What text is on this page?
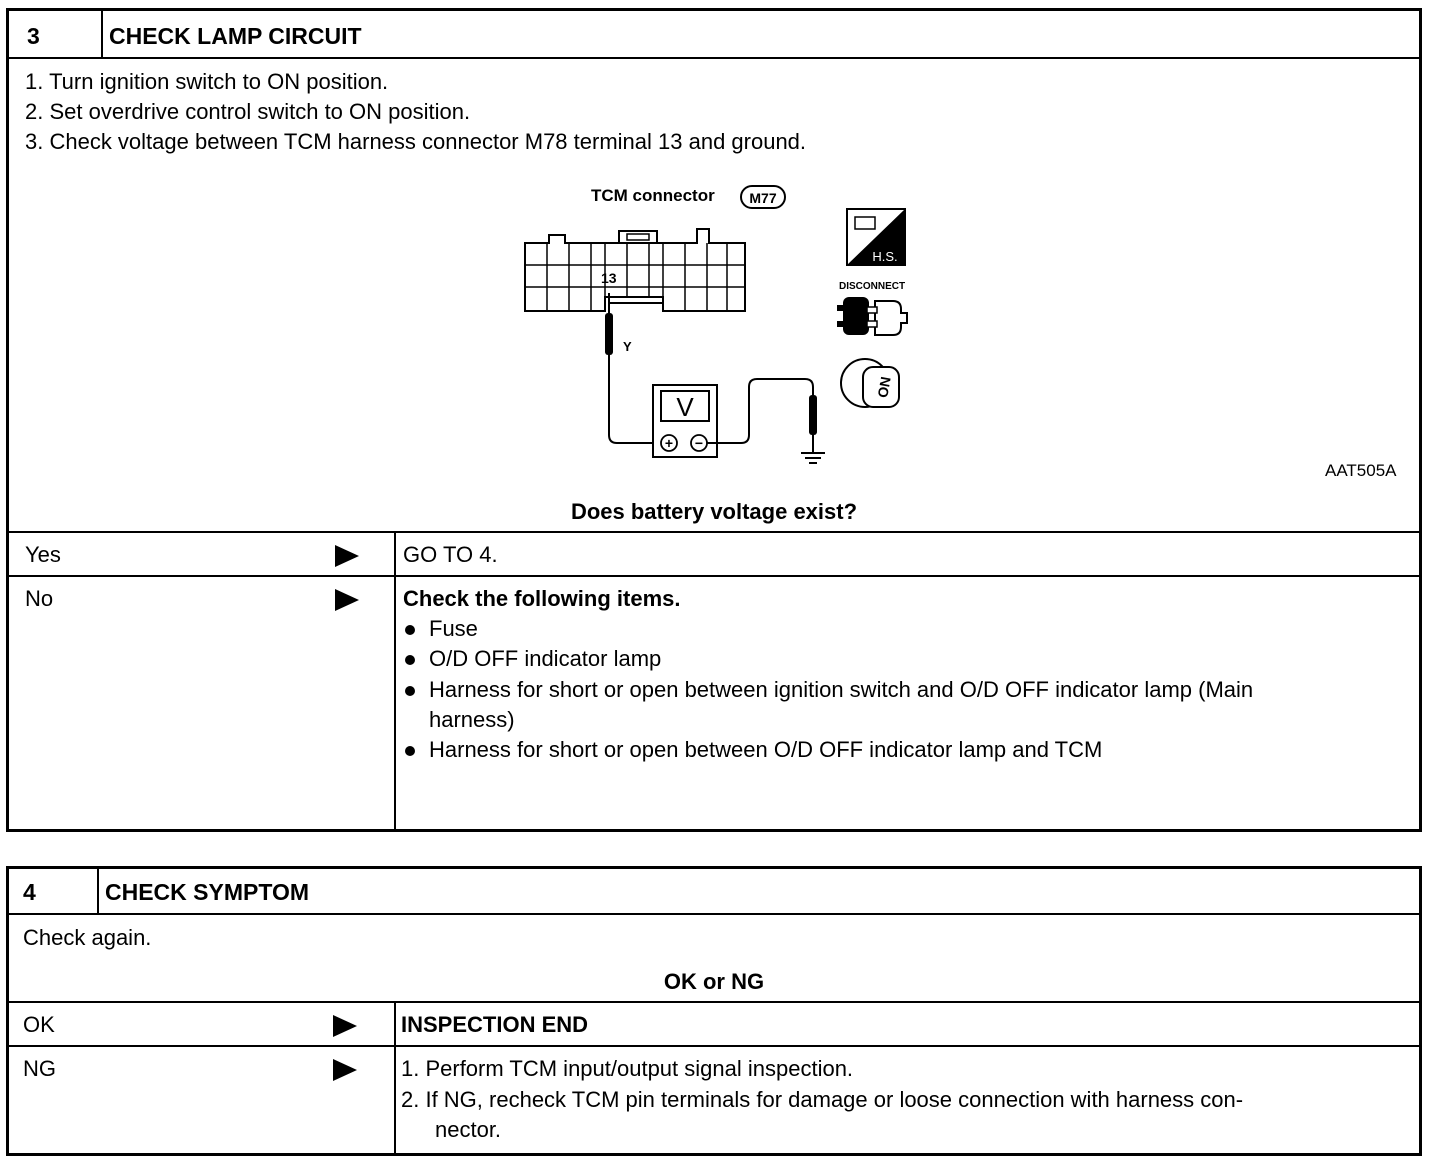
3	CHECK LAMP CIRCUIT
1. Turn ignition switch to ON position.
2. Set overdrive control switch to ON position.
3. Check voltage between TCM harness connector M78 terminal 13 and ground.
TCM connector M77
13
Y
V
+ −
H.S.
DISCONNECT
ON
AAT505A
Does battery voltage exist?
Yes	GO TO 4.
No	Check the following items.
Fuse
O/D OFF indicator lamp
Harness for short or open between ignition switch and O/D OFF indicator lamp (Main
harness)
Harness for short or open between O/D OFF indicator lamp and TCM
4	CHECK SYMPTOM
Check again.
OK or NG
OK	INSPECTION END
NG	1. Perform TCM input/output signal inspection.
2. If NG, recheck TCM pin terminals for damage or loose connection with harness con-
nector.
